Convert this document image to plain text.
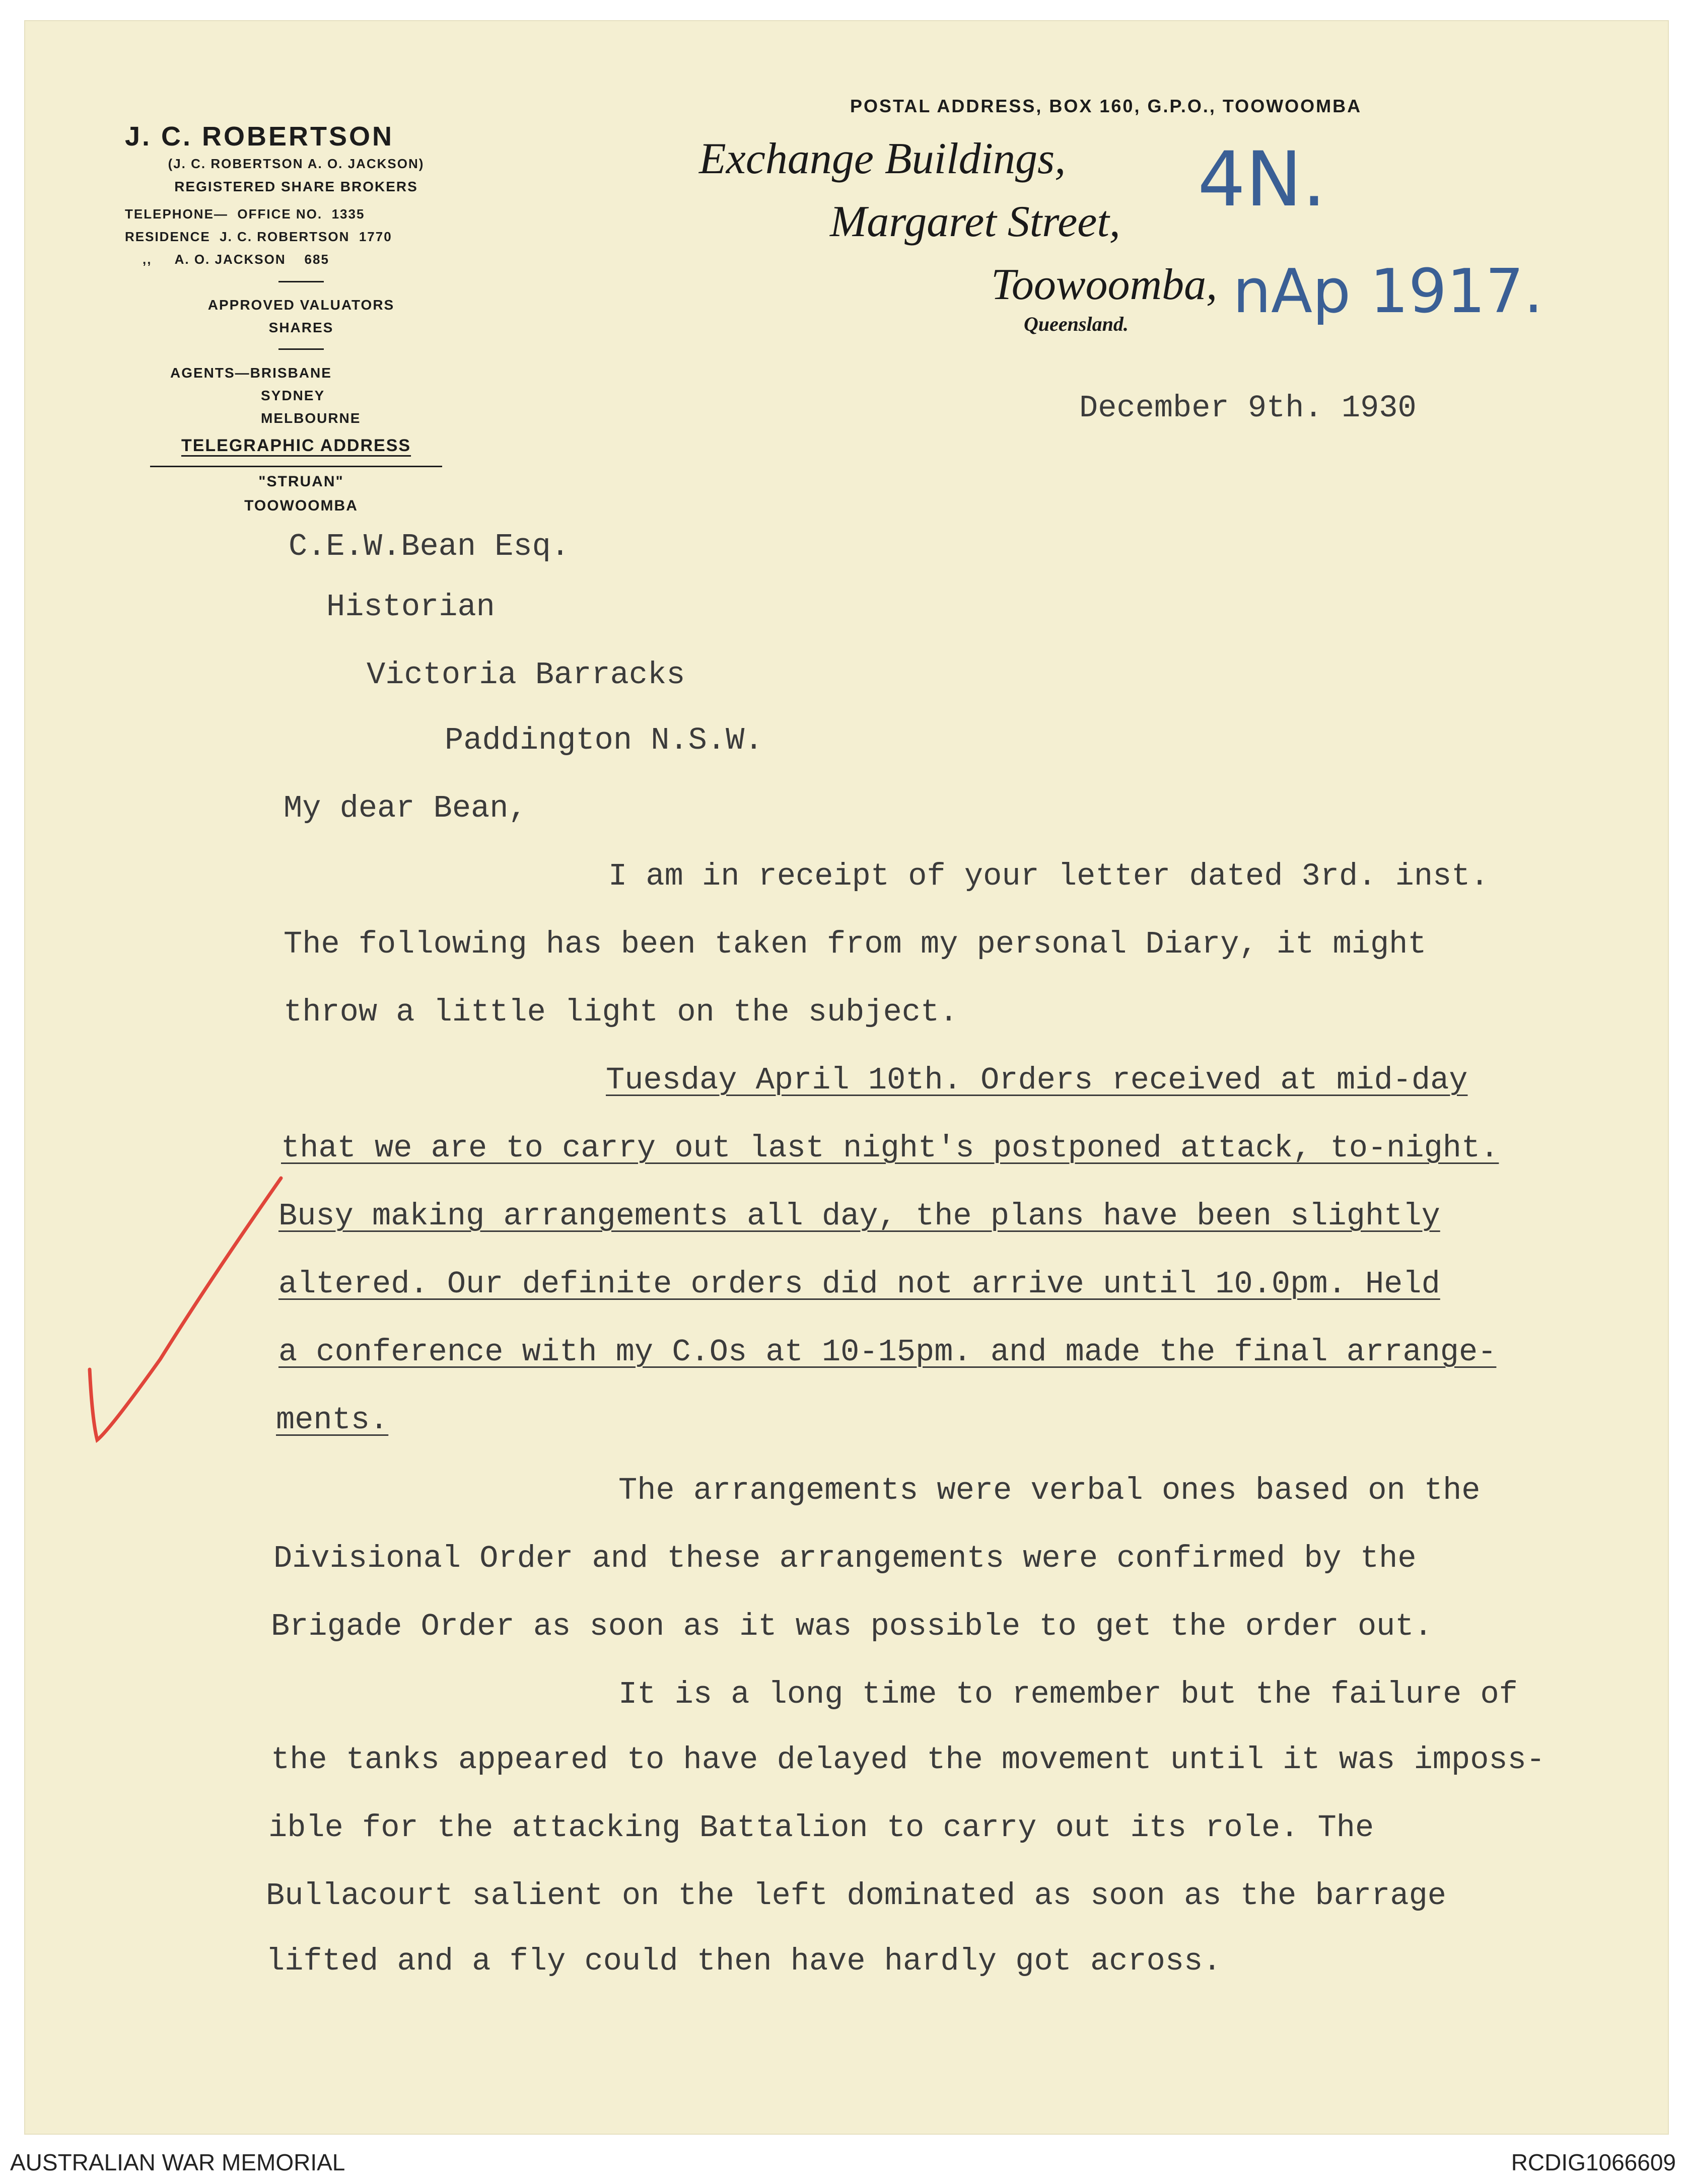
J. C. ROBERTSON
(J. C. ROBERTSON A. O. JACKSON)
REGISTERED SHARE BROKERS
TELEPHONE—  OFFICE NO.  1335
RESIDENCE  J. C. ROBERTSON  1770
,,     A. O. JACKSON    685
APPROVED VALUATORS
SHARES
AGENTS—BRISBANE
SYDNEY
MELBOURNE
TELEGRAPHIC ADDRESS
"STRUAN"
TOOWOOMBA
POSTAL ADDRESS, BOX 160, G.P.O., TOOWOOMBA
Exchange Buildings,
Margaret Street,
Toowoomba,
Queensland.
4N.
nAp 1917.
December 9th. 1930
C.E.W.Bean Esq.
Historian
Victoria Barracks
Paddington N.S.W.
My dear Bean,
I am in receipt of your letter dated 3rd. inst.
The following has been taken from my personal Diary, it might
throw a little light on the subject.
Tuesday April 10th. Orders received at mid-day
that we are to carry out last night's postponed attack, to-night.
Busy making arrangements all day, the plans have been slightly
altered. Our definite orders did not arrive until 10.0pm. Held
a conference with my C.Os at 10-15pm. and made the final arrange-
ments.
The arrangements were verbal ones based on the
Divisional Order and these arrangements were confirmed by the
Brigade Order as soon as it was possible to get the order out.
It is a long time to remember but the failure of
the tanks appeared to have delayed the movement until it was imposs-
ible for the attacking Battalion to carry out its role. The
Bullacourt salient on the left dominated as soon as the barrage
lifted and a fly could then have hardly got across.
AUSTRALIAN WAR MEMORIAL	RCDIG1066609
